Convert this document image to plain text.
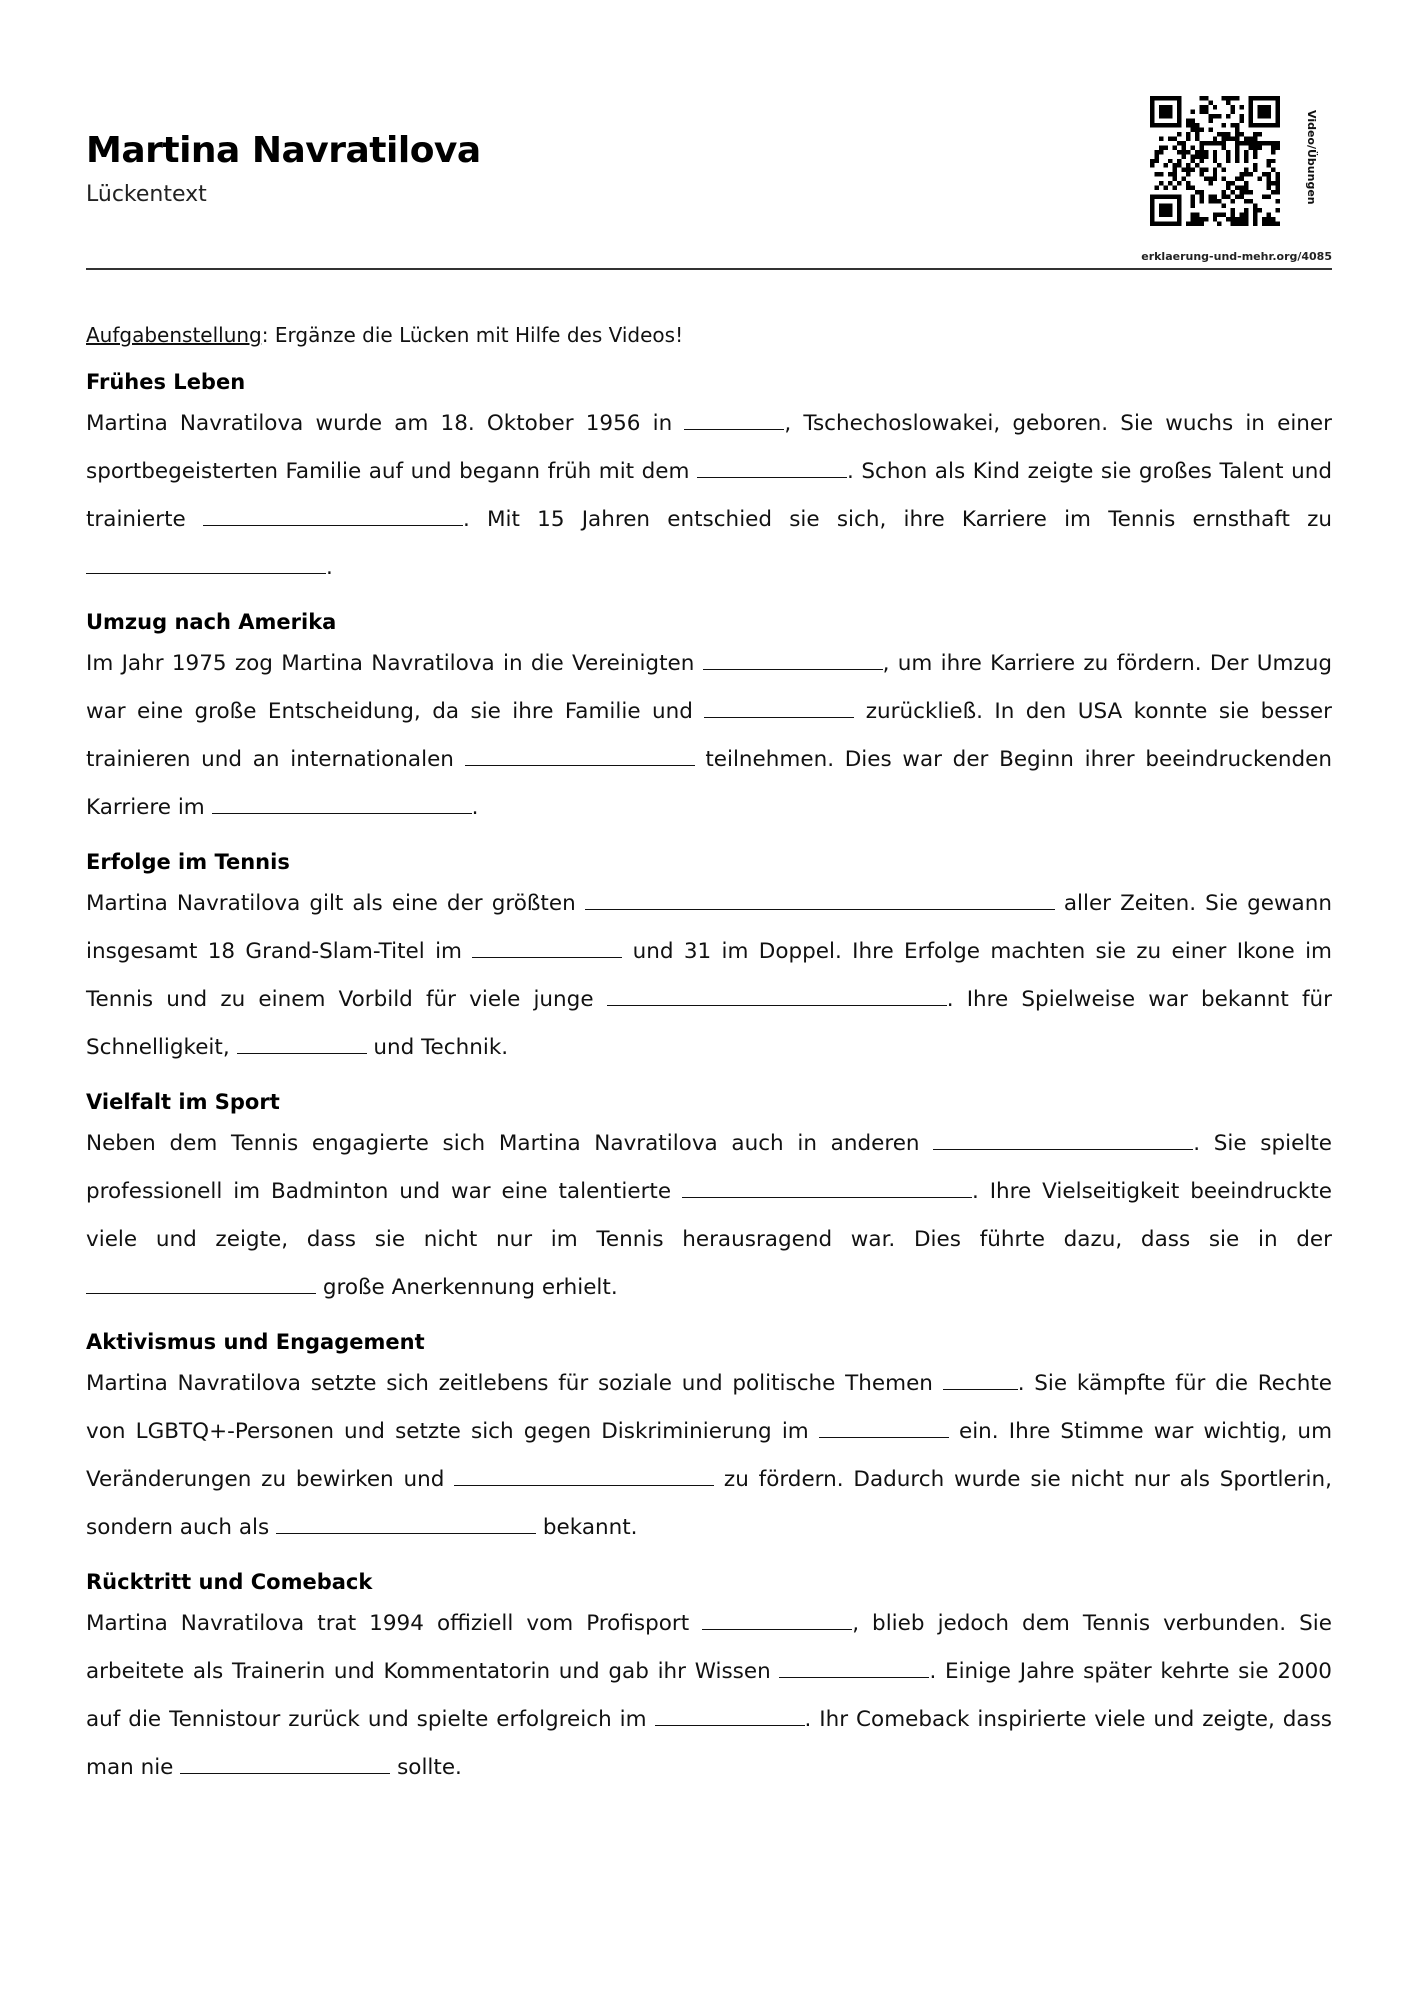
Martina Navratilova
Lückentext	Video/Übungen
erklaerung-und-mehr.org/4085

Aufgabenstellung: Ergänze die Lücken mit Hilfe des Videos!

Frühes Leben

Martina Navratilova wurde am 18. Oktober 1956 in	, Tschechoslowakei, geboren. Sie wuchs in einer sportbegeisterten Familie auf und begann früh mit dem	. Schon als Kind zeigte sie großes Talent und trainierte	. Mit 15 Jahren entschied sie sich, ihre Karriere im Tennis ernsthaft zu .

Umzug nach Amerika

Im Jahr 1975 zog Martina Navratilova in die Vereinigten	, um ihre Karriere zu fördern. Der Umzug war eine große Entscheidung, da sie ihre Familie und	zurückließ. In den USA konnte sie besser trainieren und an internationalen	teilnehmen. Dies war der Beginn ihrer beeindruckenden Karriere im	.

Erfolge im Tennis

Martina Navratilova gilt als eine der größten	aller Zeiten. Sie gewann insgesamt 18 Grand-Slam-Titel im	und 31 im Doppel. Ihre Erfolge machten sie zu einer Ikone im Tennis und zu einem Vorbild für viele junge	. Ihre Spielweise war bekannt für Schnelligkeit,	und Technik.

Vielfalt im Sport

Neben dem Tennis engagierte sich Martina Navratilova auch in anderen	. Sie spielte professionell im Badminton und war eine talentierte	. Ihre Vielseitigkeit beeindruckte viele und zeigte, dass sie nicht nur im Tennis herausragend war. Dies führte dazu, dass sie in der  große Anerkennung erhielt.

Aktivismus und Engagement

Martina Navratilova setzte sich zeitlebens für soziale und politische Themen	. Sie kämpfte für die Rechte von LGBTQ+-Personen und setzte sich gegen Diskriminierung im	ein. Ihre Stimme war wichtig, um Veränderungen zu bewirken und	zu fördern. Dadurch wurde sie nicht nur als Sportlerin, sondern auch als	bekannt.

Rücktritt und Comeback

Martina Navratilova trat 1994 offiziell vom Profisport	, blieb jedoch dem Tennis verbunden. Sie arbeitete als Trainerin und Kommentatorin und gab ihr Wissen	. Einige Jahre später kehrte sie 2000 auf die Tennistour zurück und spielte erfolgreich im	. Ihr Comeback inspirierte viele und zeigte, dass man nie	sollte.
